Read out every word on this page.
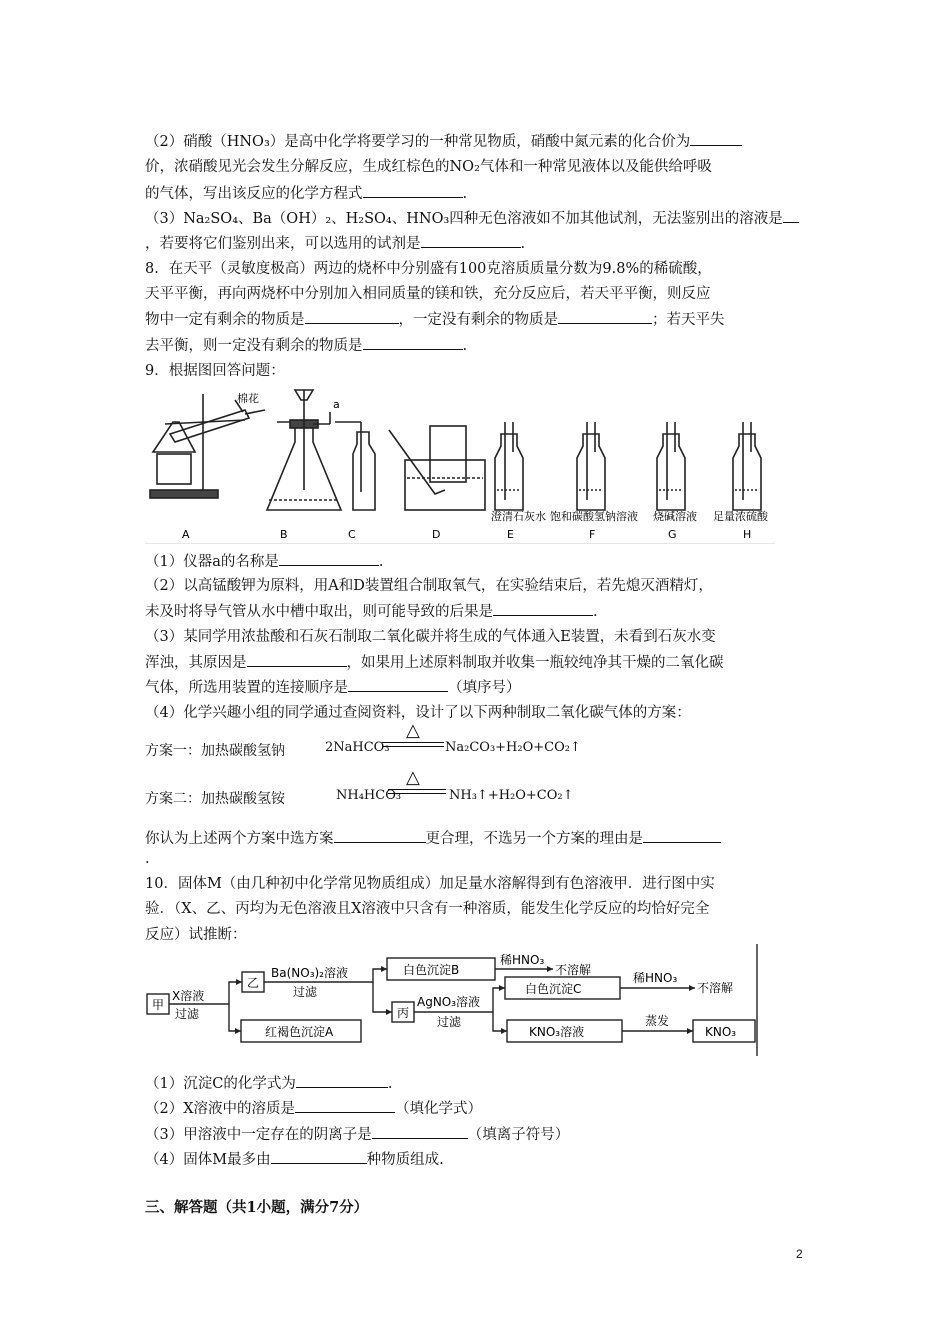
（2）硝酸（HNO₃）是高中化学将要学习的一种常见物质，硝酸中氮元素的化合价为
价，浓硝酸见光会发生分解反应，生成红棕色的NO₂气体和一种常见液体以及能供给呼吸
的气体，写出该反应的化学方程式	.
（3）Na₂SO₄、Ba（OH）₂、H₂SO₄、HNO₃四种无色溶液如不加其他试剂，无法鉴别出的溶液是
，若要将它们鉴别出来，可以选用的试剂是	.
8．在天平（灵敏度极高）两边的烧杯中分别盛有100克溶质质量分数为9.8%的稀硫酸，
天平平衡，再向两烧杯中分别加入相同质量的镁和铁，充分反应后，若天平平衡，则反应
物中一定有剩余的物质是	，一定没有剩余的物质是	；若天平失
去平衡，则一定没有剩余的物质是	.
9．根据图回答问题：
棉花	a
澄清石灰水 饱和碳酸氢钠溶液 烧碱溶液 足量浓硫酸
A	B	C	D	E	F	G	H
（1）仪器a的名称是	.
（2）以高锰酸钾为原料，用A和D装置组合制取氧气，在实验结束后，若先熄灭酒精灯，
未及时将导气管从水中槽中取出，则可能导致的后果是	.
（3）某同学用浓盐酸和石灰石制取二氧化碳并将生成的气体通入E装置，未看到石灰水变
浑浊，其原因是	，如果用上述原料制取并收集一瓶较纯净其干燥的二氧化碳
气体，所选用装置的连接顺序是	（填序号）
（4）化学兴趣小组的同学通过查阅资料，设计了以下两种制取二氧化碳气体的方案：
方案一：加热碳酸氢钠	2NaHCO₃
△
Na₂CO₃+H₂O+CO₂↑
方案二：加热碳酸氢铵	NH₄HCO₃
△
NH₃↑+H₂O+CO₂↑
你认为上述两个方案中选方案	更合理，不选另一个方案的理由是
.
10．固体M（由几种初中化学常见物质组成）加足量水溶解得到有色溶液甲．进行图中实
验．（X、乙、丙均为无色溶液且X溶液中只含有一种溶质，能发生化学反应的均恰好完全
反应）试推断：
甲
X溶液
过滤
乙
Ba(NO₃)₂溶液
过滤
白色沉淀B
稀HNO₃
不溶解
红褐色沉淀A
丙
AgNO₃溶液
过滤
白色沉淀C
稀HNO₃
不溶解
KNO₃溶液
蒸发
KNO₃
（1）沉淀C的化学式为	.
（2）X溶液中的溶质是	（填化学式）
（3）甲溶液中一定存在的阴离子是	（填离子符号）
（4）固体M最多由	种物质组成.
三、解答题（共1小题，满分7分）
2
